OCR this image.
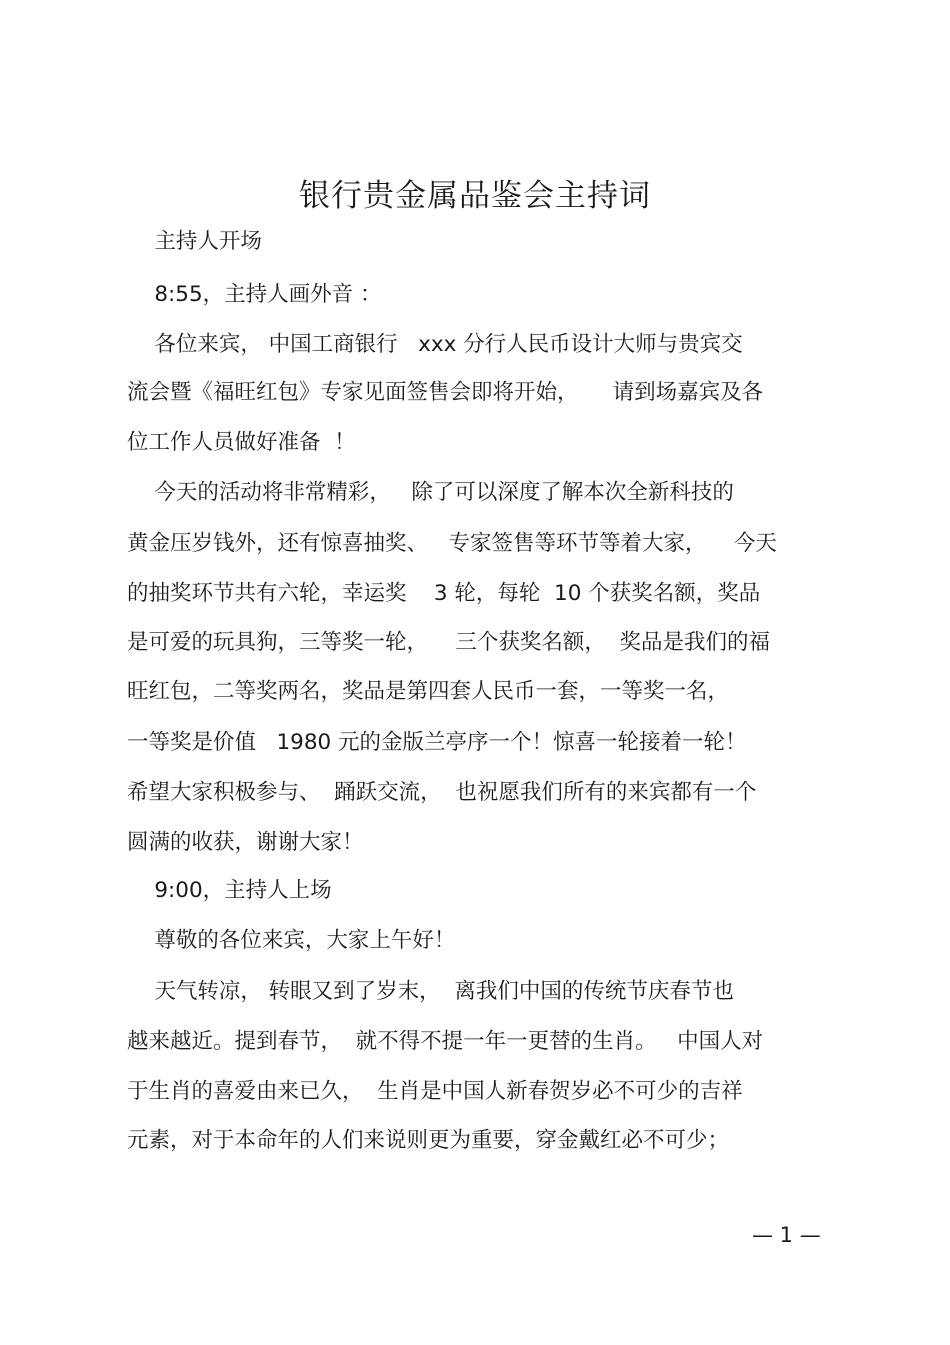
银行贵金属品鉴会主持词
主持人开场
8:55，主持人画外音 ：
各位来宾， 中国工商银行   xxx 分行人民币设计大师与贵宾交
流会暨《福旺红包》专家见面签售会即将开始，     请到场嘉宾及各
位工作人员做好准备  ！
今天的活动将非常精彩，   除了可以深度了解本次全新科技的
黄金压岁钱外，还有惊喜抽奖、   专家签售等环节等着大家，    今天
的抽奖环节共有六轮，幸运奖    3 轮，每轮  10 个获奖名额，奖品
是可爱的玩具狗，三等奖一轮，    三个获奖名额，  奖品是我们的福
旺红包，二等奖两名，奖品是第四套人民币一套，一等奖一名，
一等奖是价值   1980 元的金版兰亭序一个！惊喜一轮接着一轮！
希望大家积极参与、  踊跃交流，  也祝愿我们所有的来宾都有一个
圆满的收获，谢谢大家！
9:00，主持人上场
尊敬的各位来宾，大家上午好！
天气转凉， 转眼又到了岁末，  离我们中国的传统节庆春节也
越来越近。提到春节，  就不得不提一年一更替的生肖。   中国人对
于生肖的喜爱由来已久，  生肖是中国人新春贺岁必不可少的吉祥
元素，对于本命年的人们来说则更为重要，穿金戴红必不可少；
— 1 —
